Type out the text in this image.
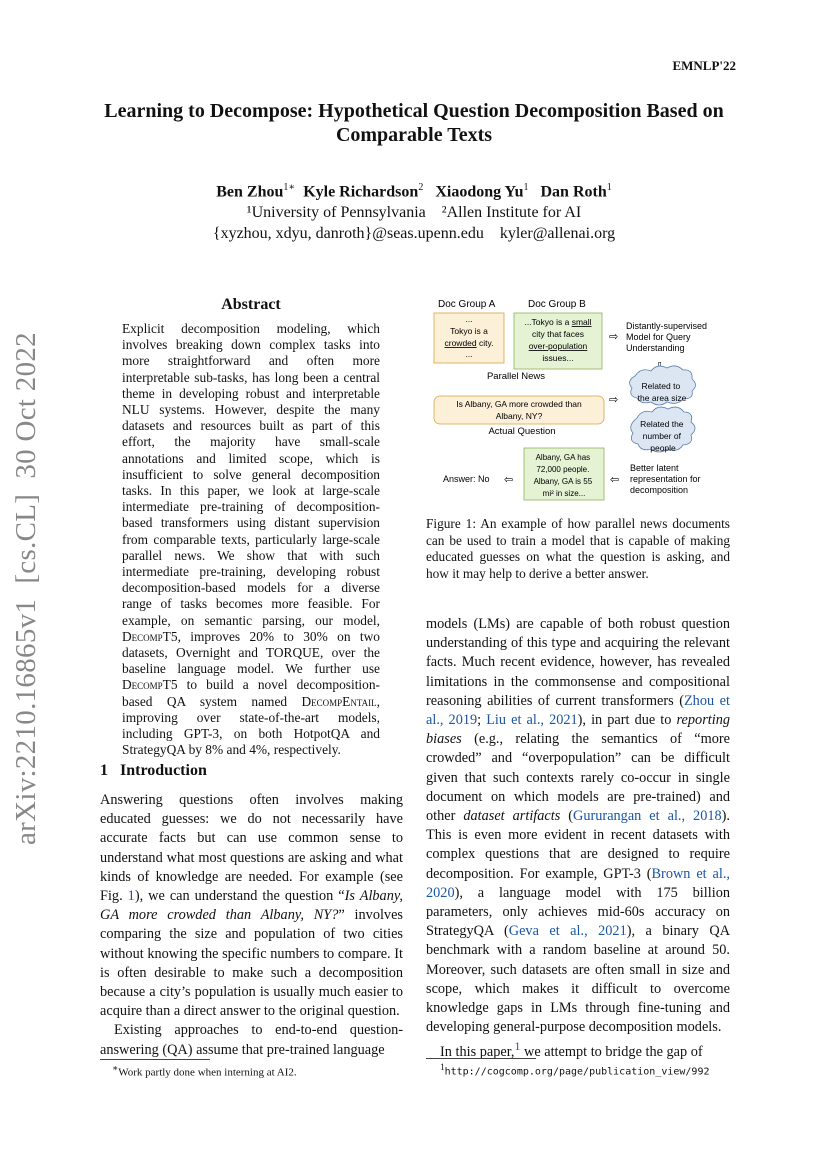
EMNLP'22
Learning to Decompose: Hypothetical Question Decomposition Based on Comparable Texts
Ben Zhou$^{1∗}$ Kyle Richardson$^2$ Xiaodong Yu$^1$ Dan Roth$^1$
¹University of Pennsylvania    ²Allen Institute for AI
{xyzhou, xdyu, danroth}@seas.upenn.edu    kyler@allenai.org
arXiv:2210.16865v1  [cs.CL]  30 Oct 2022
Abstract
Explicit decomposition modeling, which involves breaking down complex tasks into more straightforward and often more interpretable sub-tasks, has long been a central theme in developing robust and interpretable NLU systems. However, despite the many datasets and resources built as part of this effort, the majority have small-scale annotations and limited scope, which is insufficient to solve general decomposition tasks. In this paper, we look at large-scale intermediate pre-training of decomposition-based transformers using distant supervision from comparable texts, particularly large-scale parallel news. We show that with such intermediate pre-training, developing robust decomposition-based models for a diverse range of tasks becomes more feasible. For example, on semantic parsing, our model, DecompT5, improves 20% to 30% on two datasets, Overnight and TORQUE, over the baseline language model. We further use DecompT5 to build a novel decomposition-based QA system named DecompEntail, improving over state-of-the-art models, including GPT-3, on both HotpotQA and StrategyQA by 8% and 4%, respectively.
1   Introduction

Answering questions often involves making educated guesses: we do not necessarily have accurate facts but can use common sense to understand what most questions are asking and what kinds of knowledge are needed. For example (see Fig. 1), we can understand the question “Is Albany, GA more crowded than Albany, NY?” involves comparing the size and population of two cities without knowing the specific numbers to compare. It is often desirable to make such a decomposition because a city’s population is usually much easier to acquire than a direct answer to the original question.

Existing approaches to end-to-end question-answering (QA) assume that pre-trained language

∗Work partly done when interning at AI2.
Doc Group A	Doc Group B
...
Tokyo is a
crowded city.
...
...Tokyo is a small
city that faces
over-population
issues...
Parallel News
⇨
Distantly-supervised Model for Query Understanding
Is Albany, GA more crowded than
Albany, NY?
Actual Question
⇨
Related to the area size
Related the number of people
Albany, GA has 72,000 people. Albany, GA is 55 mi² in size...
Answer: No ⇦	⇦
Better latent representation for decomposition
Figure 1: An example of how parallel news documents can be used to train a model that is capable of making educated guesses on what the question is asking, and how it may help to derive a better answer.

models (LMs) are capable of both robust question understanding of this type and acquiring the relevant facts. Much recent evidence, however, has revealed limitations in the commonsense and compositional reasoning abilities of current transformers (Zhou et al., 2019; Liu et al., 2021), in part due to reporting biases (e.g., relating the semantics of “more crowded” and “overpopulation” can be difficult given that such contexts rarely co-occur in single document on which models are pre-trained) and other dataset artifacts (Gururangan et al., 2018). This is even more evident in recent datasets with complex questions that are designed to require decomposition. For example, GPT-3 (Brown et al., 2020), a language model with 175 billion parameters, only achieves mid-60s accuracy on StrategyQA (Geva et al., 2021), a binary QA benchmark with a random baseline at around 50. Moreover, such datasets are often small in size and scope, which makes it difficult to overcome knowledge gaps in LMs through fine-tuning and developing general-purpose decomposition models.

In this paper,$^1$ we attempt to bridge the gap of

$^1$http://cogcomp.org/page/publication_view/992
